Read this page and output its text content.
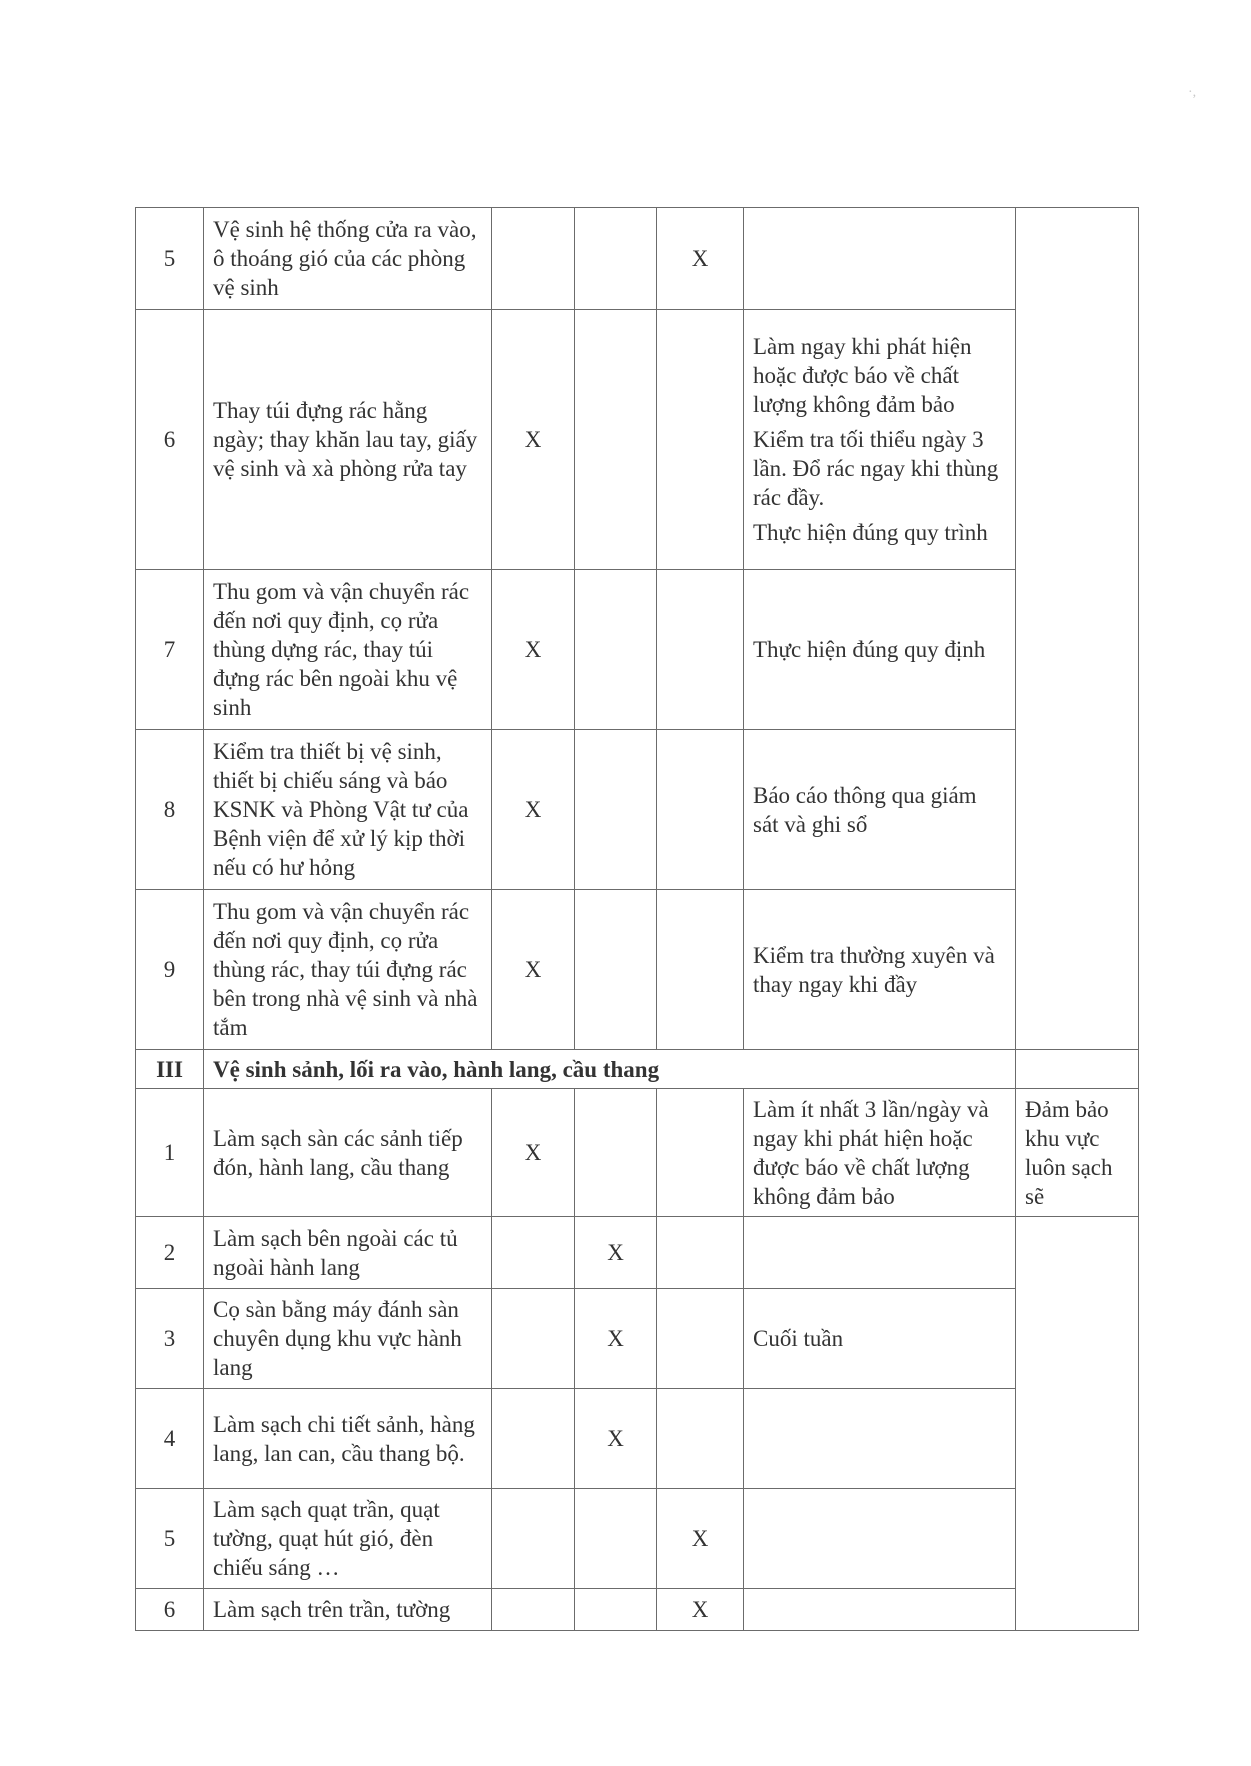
·,
5	Vệ sinh hệ thống cửa ra vào, ô thoáng gió của các phòng vệ sinh			X		
6	Thay túi đựng rác hằng ngày; thay khăn lau tay, giấy vệ sinh và xà phòng rửa tay	X			Làm ngay khi phát hiện hoặc được báo về chất lượng không đảm bảo

Kiểm tra tối thiểu ngày 3 lần. Đổ rác ngay khi thùng rác đầy.

Thực hiện đúng quy trình	

7	Thu gom và vận chuyển rác đến nơi quy định, cọ rửa thùng dựng rác, thay túi đựng rác bên ngoài khu vệ sinh	X			Thực hiện đúng quy định	

8	Kiểm tra thiết bị vệ sinh, thiết bị chiếu sáng và báo KSNK và Phòng Vật tư của Bệnh viện để xử lý kịp thời nếu có hư hỏng	X			Báo cáo thông qua giám sát và ghi sổ	

9	Thu gom và vận chuyển rác đến nơi quy định, cọ rửa thùng rác, thay túi đựng rác bên trong nhà vệ sinh và nhà tắm	X			Kiểm tra thường xuyên và thay ngay khi đầy	

III	Vệ sinh sảnh, lối ra vào, hành lang, cầu thang					
1	Làm sạch sàn các sảnh tiếp đón, hành lang, cầu thang	X			Làm ít nhất 3 lần/ngày và ngay khi phát hiện hoặc được báo về chất lượng không đảm bảo	Đảm bảo khu vực luôn sạch sẽ
2	Làm sạch bên ngoài các tủ ngoài hành lang		X			
3	Cọ sàn bằng máy đánh sàn chuyên dụng khu vực hành lang		X		Cuối tuần	

4	Làm sạch chi tiết sảnh, hàng lang, lan can, cầu thang bộ.		X			
5	Làm sạch quạt trần, quạt tường, quạt hút gió, đèn chiếu sáng …			X		
6	Làm sạch trên trần, tường			X		
